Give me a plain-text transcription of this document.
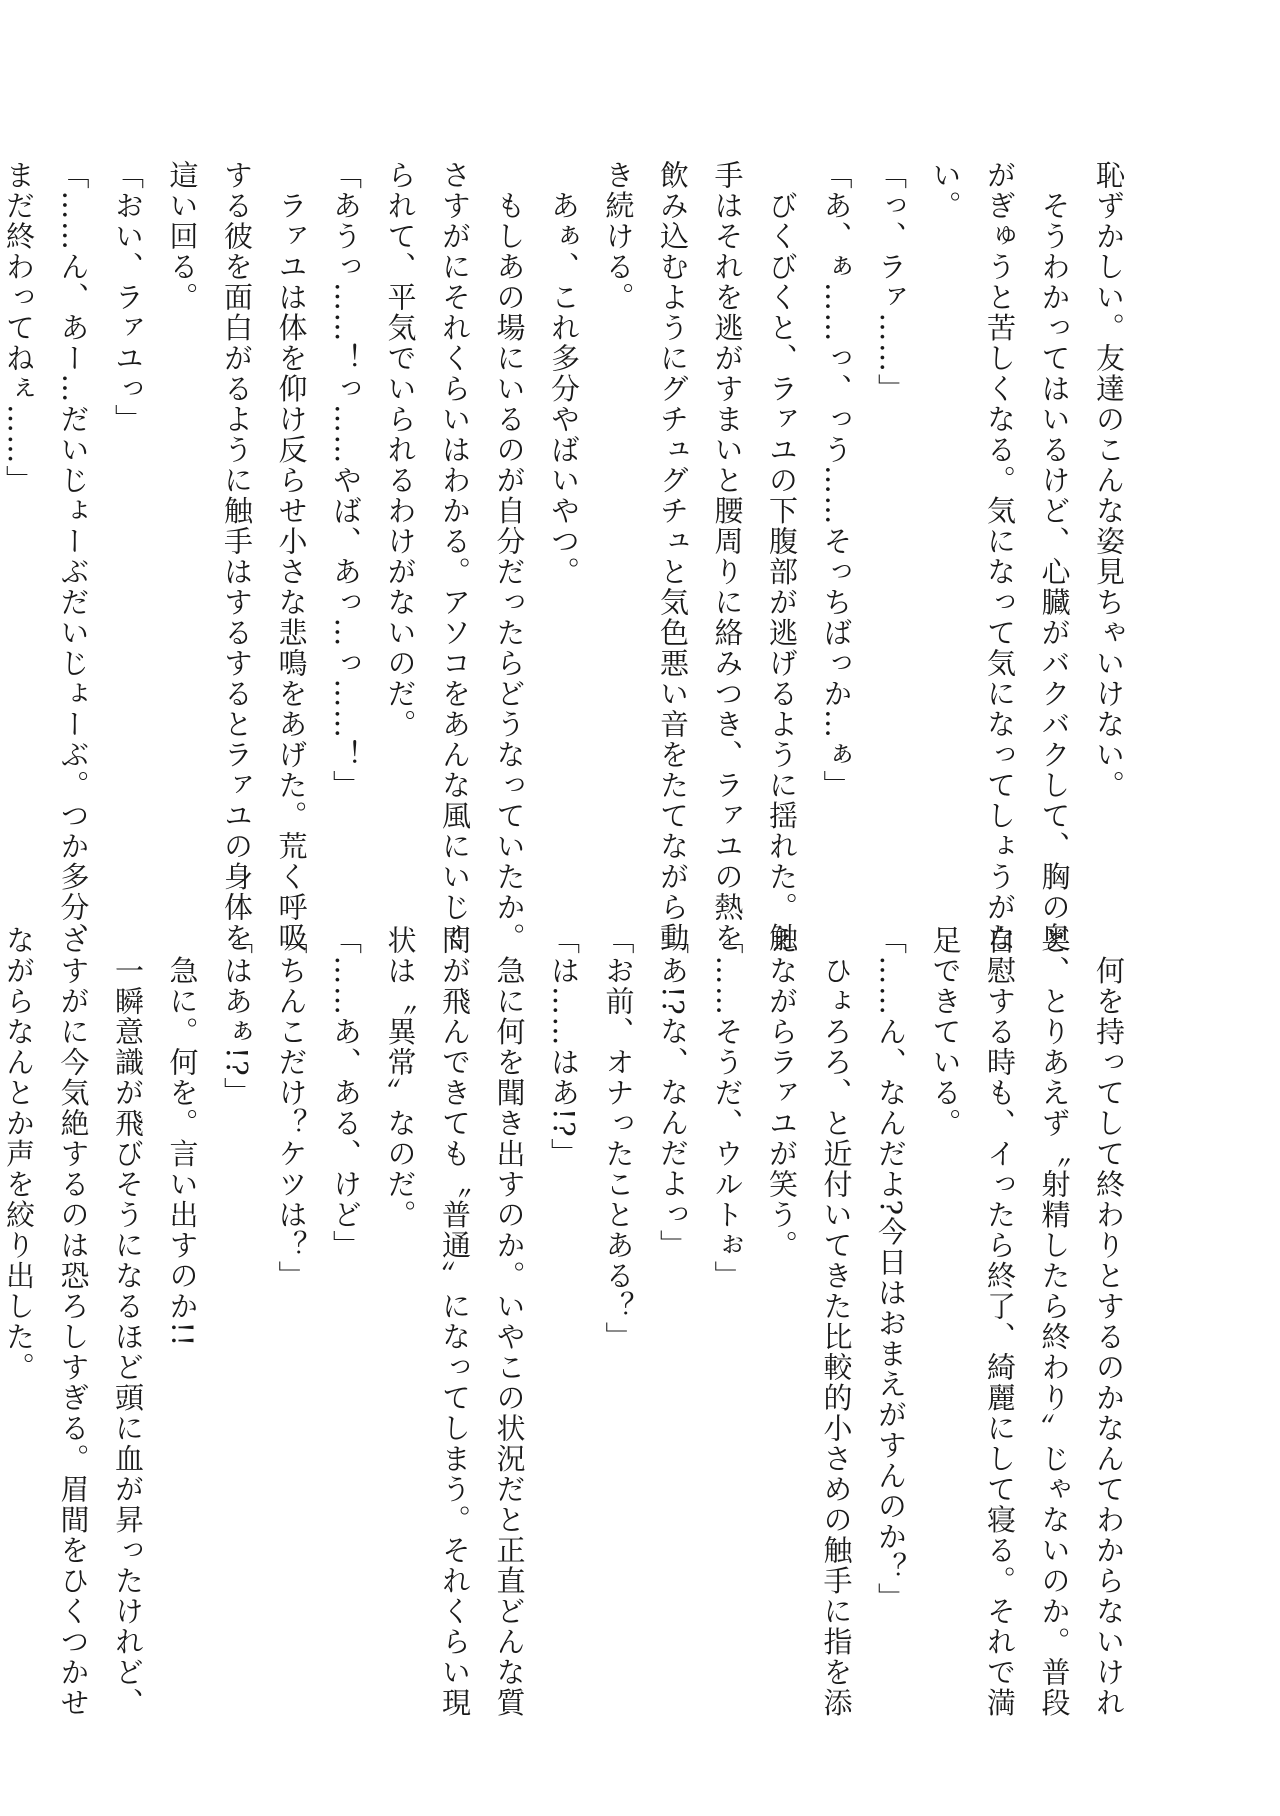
恥ずかしい。友達のこんな姿見ちゃいけない。
　そうわかってはいるけど、心臓がバクバクして、胸の奥
がぎゅうと苦しくなる。気になって気になってしょうがな
い。
「っ、ラァ……」
「あ、ぁ……っ、っう……そっちばっか…ぁ」
　びくびくと、ラァユの下腹部が逃げるように揺れた。触
手はそれを逃がすまいと腰周りに絡みつき、ラァユの熱を
飲み込むようにグチュグチュと気色悪い音をたてながら動
き続ける。
　あぁ、これ多分やばいやつ。
　もしあの場にいるのが自分だったらどうなっていたか。
さすがにそれくらいはわかる。アソコをあんな風にいじく
られて、平気でいられるわけがないのだ。
「あうっ……！っ……やば、あっ…っ……！」
　ラァユは体を仰け反らせ小さな悲鳴をあげた。荒く呼吸
する彼を面白がるように触手はするするとラァユの身体を
這い回る。
「おい、ラァユっ」
「……ん、あー…だいじょーぶだいじょーぶ。つか多分、
まだ終わってねぇ……」
　何を持ってして終わりとするのかなんてわからないけれ
ど、とりあえず〝射精したら終わり〟じゃないのか。普段
自慰する時も、イったら終了、綺麗にして寝る。それで満
足できている。
「……ん、なんだよ?今日はおまえがすんのか？」
　ひょろろ、と近付いてきた比較的小さめの触手に指を添
えながらラァユが笑う。
「……そうだ、ウルトぉ」
「あ!?な、なんだよっ」
「お前、オナったことある？」
「は……はあ!?」
　急に何を聞き出すのか。いやこの状況だと正直どんな質
問が飛んできても〝普通〟になってしまう。それくらい現
状は〝異常〟なのだ。
「……あ、ある、けど」
「ちんこだけ？ケツは？」
「はあぁ!?」
　急に。何を。言い出すのか!!
　一瞬意識が飛びそうになるほど頭に血が昇ったけれど、
さすがに今気絶するのは恐ろしすぎる。眉間をひくつかせ
ながらなんとか声を絞り出した。
